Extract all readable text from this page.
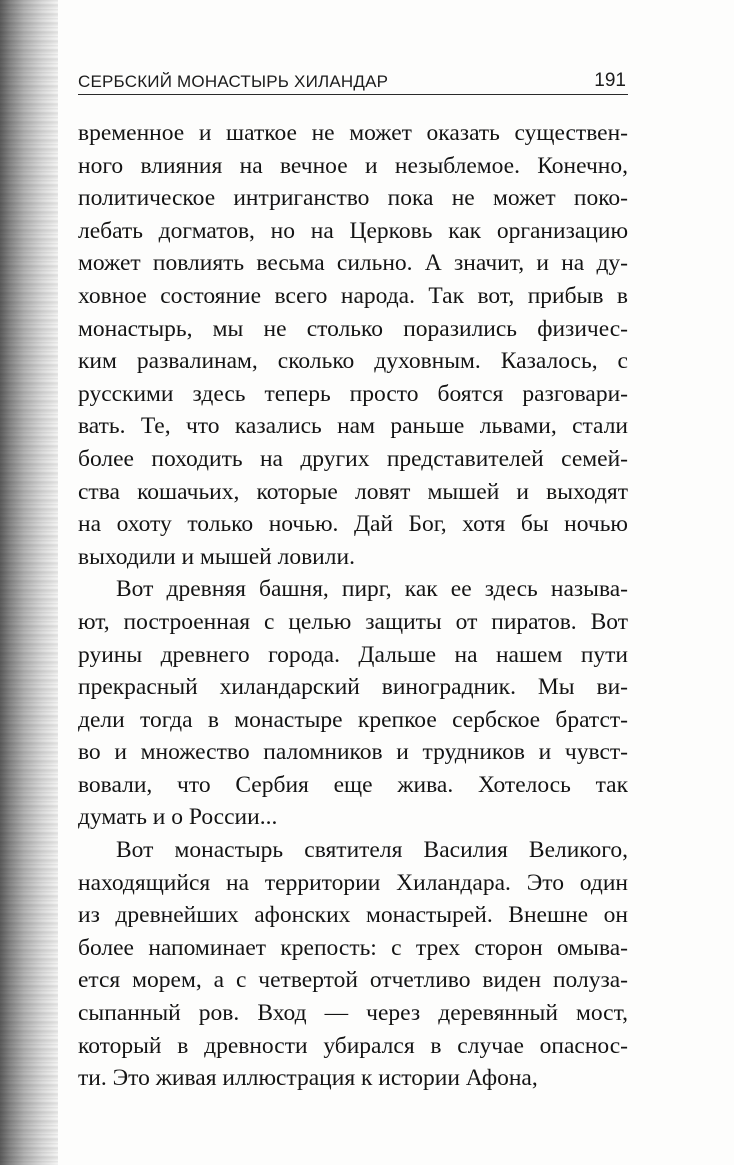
СЕРБСКИЙ МОНАСТЫРЬ ХИЛАНДАР	191
временное и шаткое не может оказать существен-
ного влияния на вечное и незыблемое. Конечно,
политическое интриганство пока не может поко-
лебать догматов, но на Церковь как организацию
может повлиять весьма сильно. А значит, и на ду-
ховное состояние всего народа. Так вот, прибыв в
монастырь, мы не столько поразились физичес-
ким развалинам, сколько духовным. Казалось, с
русскими здесь теперь просто боятся разговари-
вать. Те, что казались нам раньше львами, стали
более походить на других представителей семей-
ства кошачьих, которые ловят мышей и выходят
на охоту только ночью. Дай Бог, хотя бы ночью
выходили и мышей ловили.
Вот древняя башня, пирг, как ее здесь называ-
ют, построенная с целью защиты от пиратов. Вот
руины древнего города. Дальше на нашем пути
прекрасный хиландарский виноградник. Мы ви-
дели тогда в монастыре крепкое сербское братст-
во и множество паломников и трудников и чувст-
вовали, что Сербия еще жива. Хотелось так
думать и о России...
Вот монастырь святителя Василия Великого,
находящийся на территории Хиландара. Это один
из древнейших афонских монастырей. Внешне он
более напоминает крепость: с трех сторон омыва-
ется морем, а с четвертой отчетливо виден полуза-
сыпанный ров. Вход — через деревянный мост,
который в древности убирался в случае опаснос-
ти. Это живая иллюстрация к истории Афона,
